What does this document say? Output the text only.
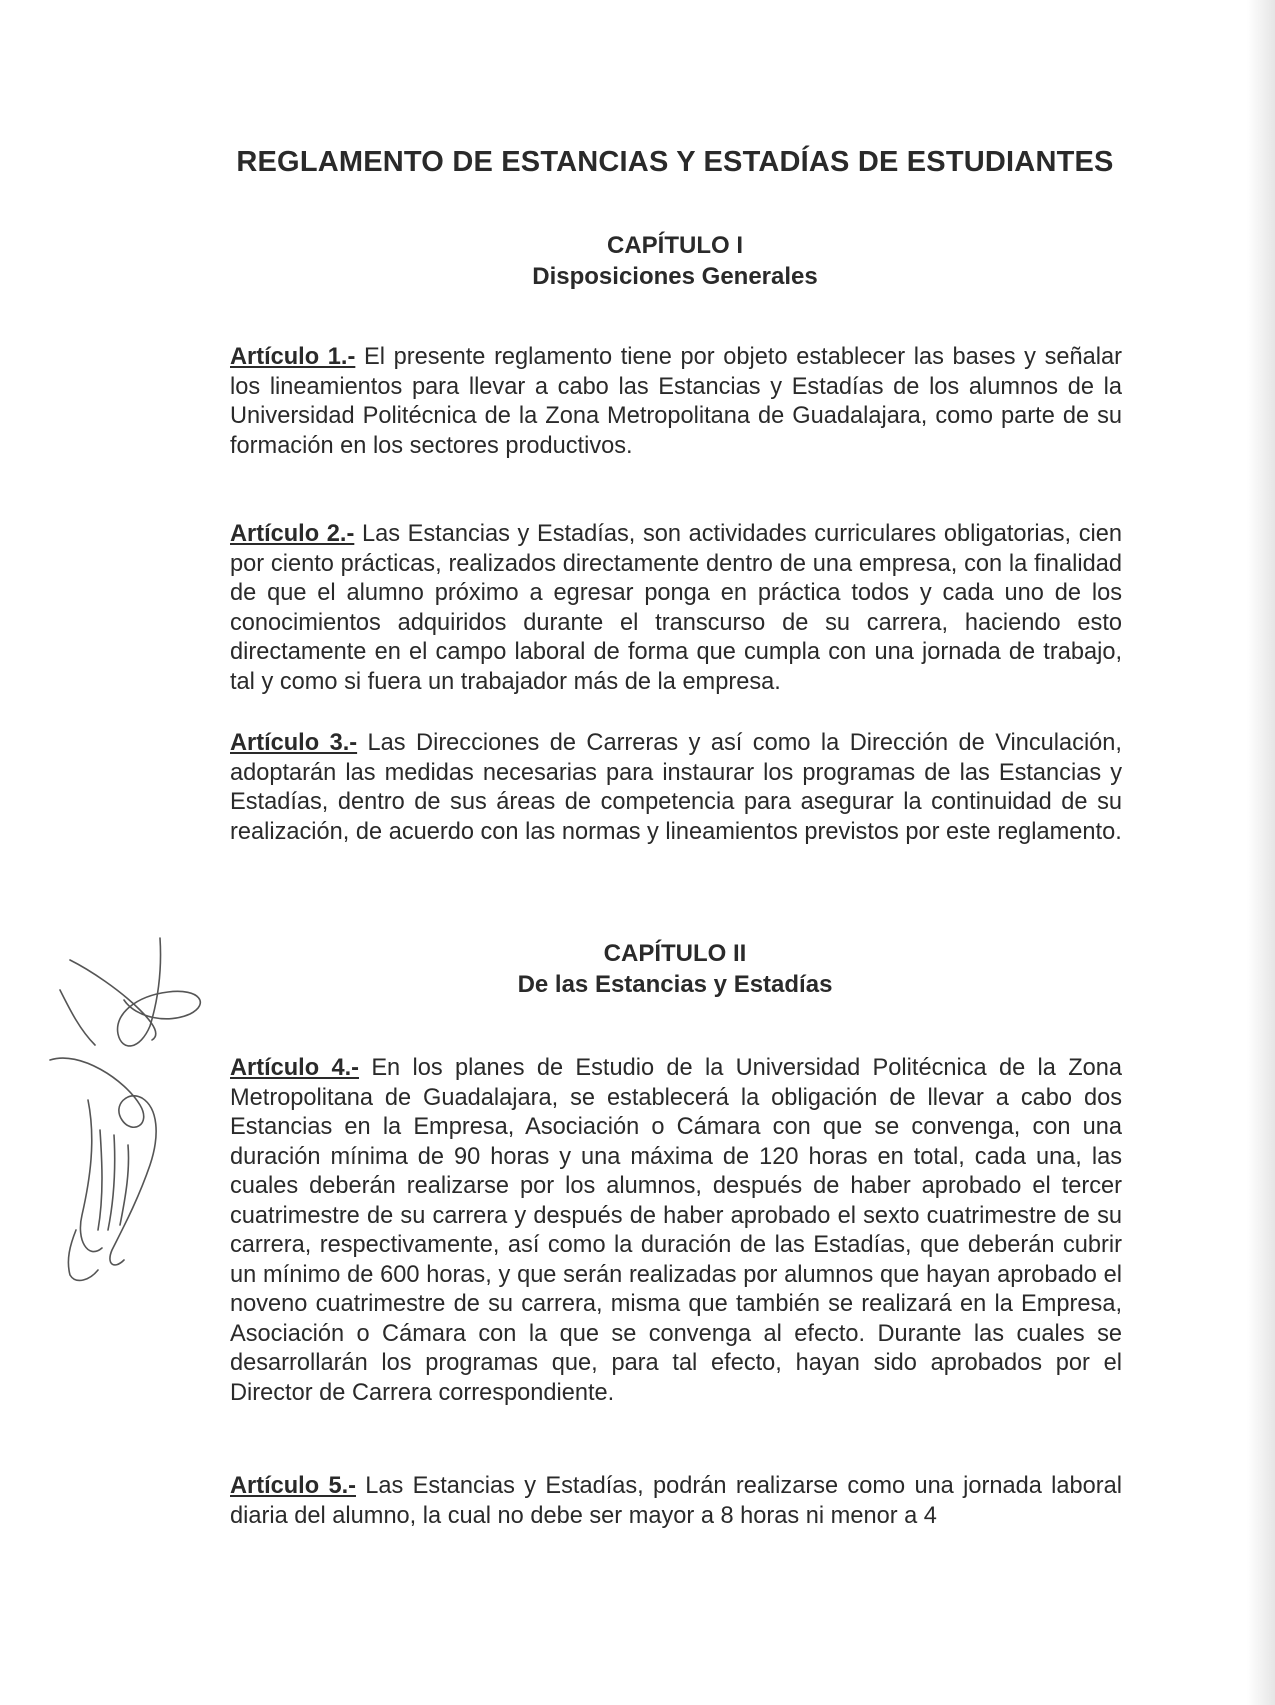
REGLAMENTO DE ESTANCIAS Y ESTADÍAS DE ESTUDIANTES
CAPÍTULO I
Disposiciones Generales

Artículo 1.- El presente reglamento tiene por objeto establecer las bases y señalar los lineamientos para llevar a cabo las Estancias y Estadías de los alumnos de la Universidad Politécnica de la Zona Metropolitana de Guadalajara, como parte de su formación en los sectores productivos.

Artículo 2.- Las Estancias y Estadías, son actividades curriculares obligatorias, cien por ciento prácticas, realizados directamente dentro de una empresa, con la finalidad de que el alumno próximo a egresar ponga en práctica todos y cada uno de los conocimientos adquiridos durante el transcurso de su carrera, haciendo esto directamente en el campo laboral de forma que cumpla con una jornada de trabajo, tal y como si fuera un trabajador más de la empresa.

Artículo 3.- Las Direcciones de Carreras y así como la Dirección de Vinculación, adoptarán las medidas necesarias para instaurar los programas de las Estancias y Estadías, dentro de sus áreas de competencia para asegurar la continuidad de su realización, de acuerdo con las normas y lineamientos previstos por este reglamento.

CAPÍTULO II
De las Estancias y Estadías

Artículo 4.- En los planes de Estudio de la Universidad Politécnica de la Zona Metropolitana de Guadalajara, se establecerá la obligación de llevar a cabo dos Estancias en la Empresa, Asociación o Cámara con que se convenga, con una duración mínima de 90 horas y una máxima de 120 horas en total, cada una, las cuales deberán realizarse por los alumnos, después de haber aprobado el tercer cuatrimestre de su carrera y después de haber aprobado el sexto cuatrimestre de su carrera, respectivamente, así como la duración de las Estadías, que deberán cubrir un mínimo de 600 horas, y que serán realizadas por alumnos que hayan aprobado el noveno cuatrimestre de su carrera, misma que también se realizará en la Empresa, Asociación o Cámara con la que se convenga al efecto. Durante las cuales se desarrollarán los programas que, para tal efecto, hayan sido aprobados por el Director de Carrera correspondiente.

Artículo 5.- Las Estancias y Estadías, podrán realizarse como una jornada laboral diaria del alumno, la cual no debe ser mayor a 8 horas ni menor a 4
